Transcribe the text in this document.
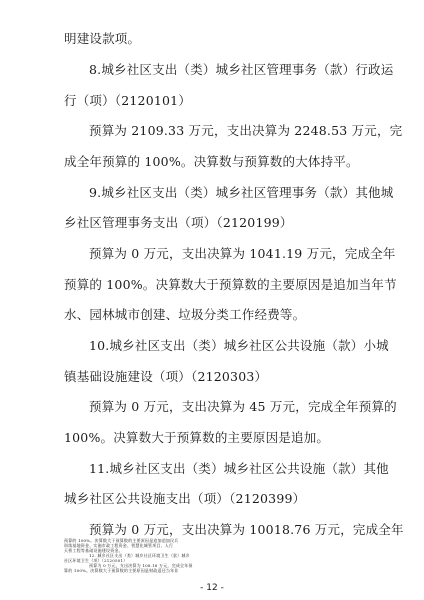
明建设款项。
8.城乡社区支出（类）城乡社区管理事务（款）行政运
行（项）（2120101）
预算为 2109.33 万元，支出决算为 2248.53 万元，完
成全年预算的 100%。决算数与预算数的大体持平。
9.城乡社区支出（类）城乡社区管理事务（款）其他城
乡社区管理事务支出（项）（2120199）
预算为 0 万元，支出决算为 1041.19 万元，完成全年
预算的 100%。决算数大于预算数的主要原因是追加当年节
水、园林城市创建、垃圾分类工作经费等。
10.城乡社区支出（类）城乡社区公共设施（款）小城
镇基础设施建设（项）（2120303）
预算为 0 万元，支出决算为 45 万元，完成全年预算的
100%。决算数大于预算数的主要原因是追加。
11.城乡社区支出（类）城乡社区公共设施（款）其他
城乡社区公共设施支出（项）（2120399）
预算为 0 万元，支出决算为 10018.76 万元，完成全年
- 12 -
预算的 100%。决算数大于预算数的主要原因是追加追加民兵
训练基地资金、实施市政工程资金、智慧化城管项目、人行
天桥工程等基础设施建设资金。
12. 城乡社区支出（类）城乡社区环境卫生（款）城乡
社区环境卫生（项）（2120501）
预算为 0 万元，支出决算为 108.18 万元，完成全年预
算的 100%。决算数大于预算数的主要原因是财政返还当年非
